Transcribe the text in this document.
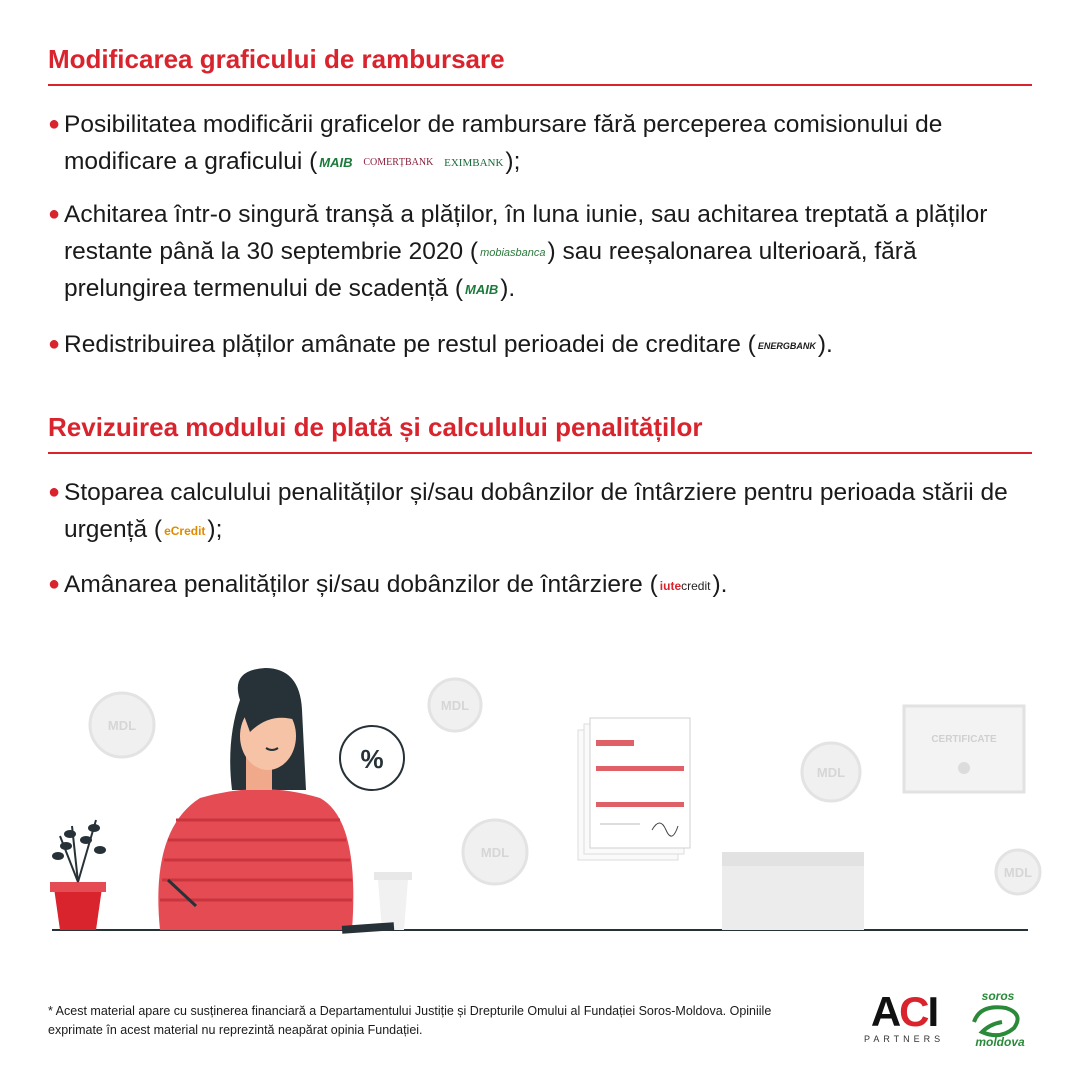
Modificarea graficului de rambursare
● Posibilitatea modificării graficelor de rambursare fără perceperea comisionului de modificare a graficului ( MAIB COMERȚBANK EXIMBANK);
● Achitarea într-o singură tranșă a plăților, în luna iunie, sau achitarea treptată a plăților restante până la 30 septembrie 2020 ( mobiasbanca) sau reeșalonarea ulterioară, fără prelungirea termenului de scadență ( MAIB).
● Redistribuirea plăților amânate pe restul perioadei de creditare ( ENERGBANK).
Revizuirea modului de plată și calculului penalităților
● Stoparea calculului penalităților și/sau dobânzilor de întârziere pentru perioada stării de urgență ( eCredit);
● Amânarea penalităților și/sau dobânzilor de întârziere ( iutecredit).
MDL
MDL
MDL
MDL
MDL
CERTIFICATE
%
* Acest material apare cu susținerea financiară a Departamentului Justiție și Drepturile Omului al Fundației Soros-Moldova. Opiniile exprimate în acest material nu reprezintă neapărat opinia Fundației.	ACI
PARTNERS
soros
moldova
